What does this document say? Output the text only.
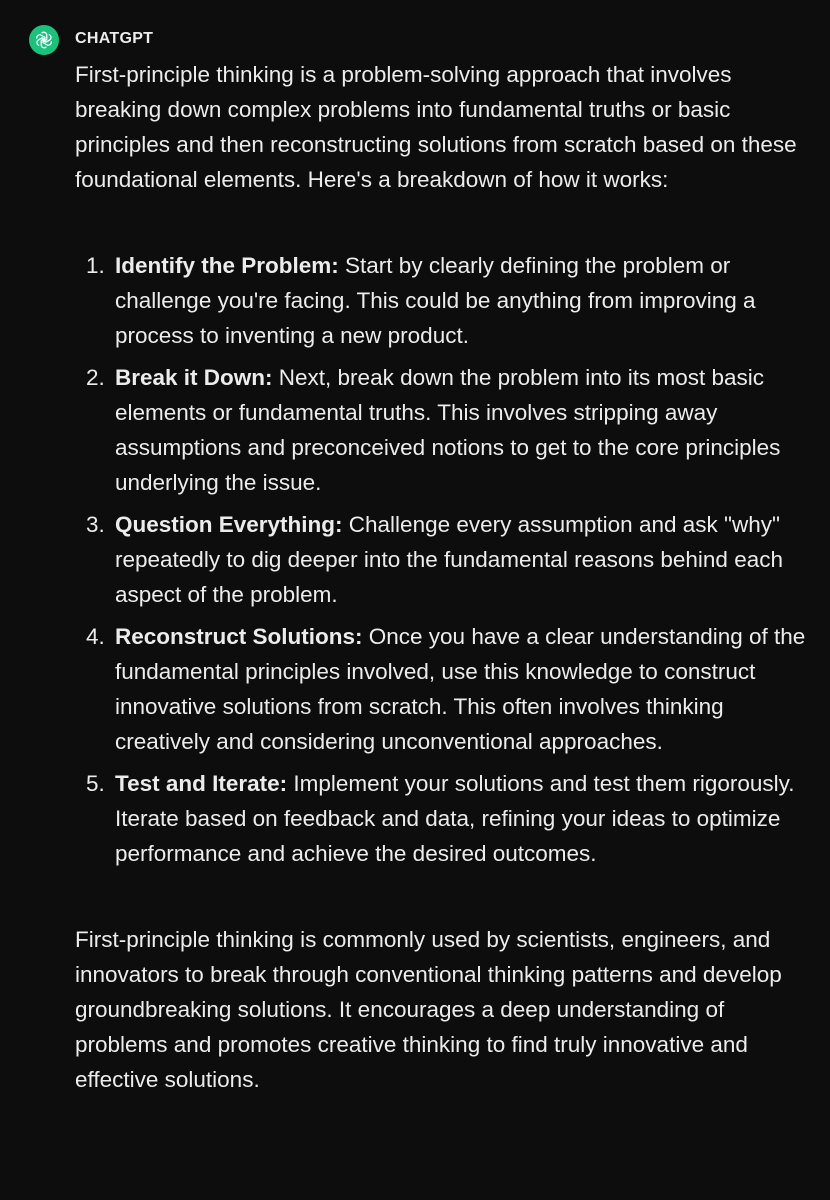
CHATGPT

First-principle thinking is a problem-solving approach that involves breaking down complex problems into fundamental truths or basic principles and then reconstructing solutions from scratch based on these foundational elements. Here's a breakdown of how it works:

1. Identify the Problem: Start by clearly defining the problem or challenge you're facing. This could be anything from improving a process to inventing a new product.
2. Break it Down: Next, break down the problem into its most basic elements or fundamental truths. This involves stripping away assumptions and preconceived notions to get to the core principles underlying the issue.
3. Question Everything: Challenge every assumption and ask "why" repeatedly to dig deeper into the fundamental reasons behind each aspect of the problem.
4. Reconstruct Solutions: Once you have a clear understanding of the fundamental principles involved, use this knowledge to construct innovative solutions from scratch. This often involves thinking creatively and considering unconventional approaches.
5. Test and Iterate: Implement your solutions and test them rigorously. Iterate based on feedback and data, refining your ideas to optimize performance and achieve the desired outcomes.

First-principle thinking is commonly used by scientists, engineers, and innovators to break through conventional thinking patterns and develop groundbreaking solutions. It encourages a deep understanding of problems and promotes creative thinking to find truly innovative and effective solutions.
